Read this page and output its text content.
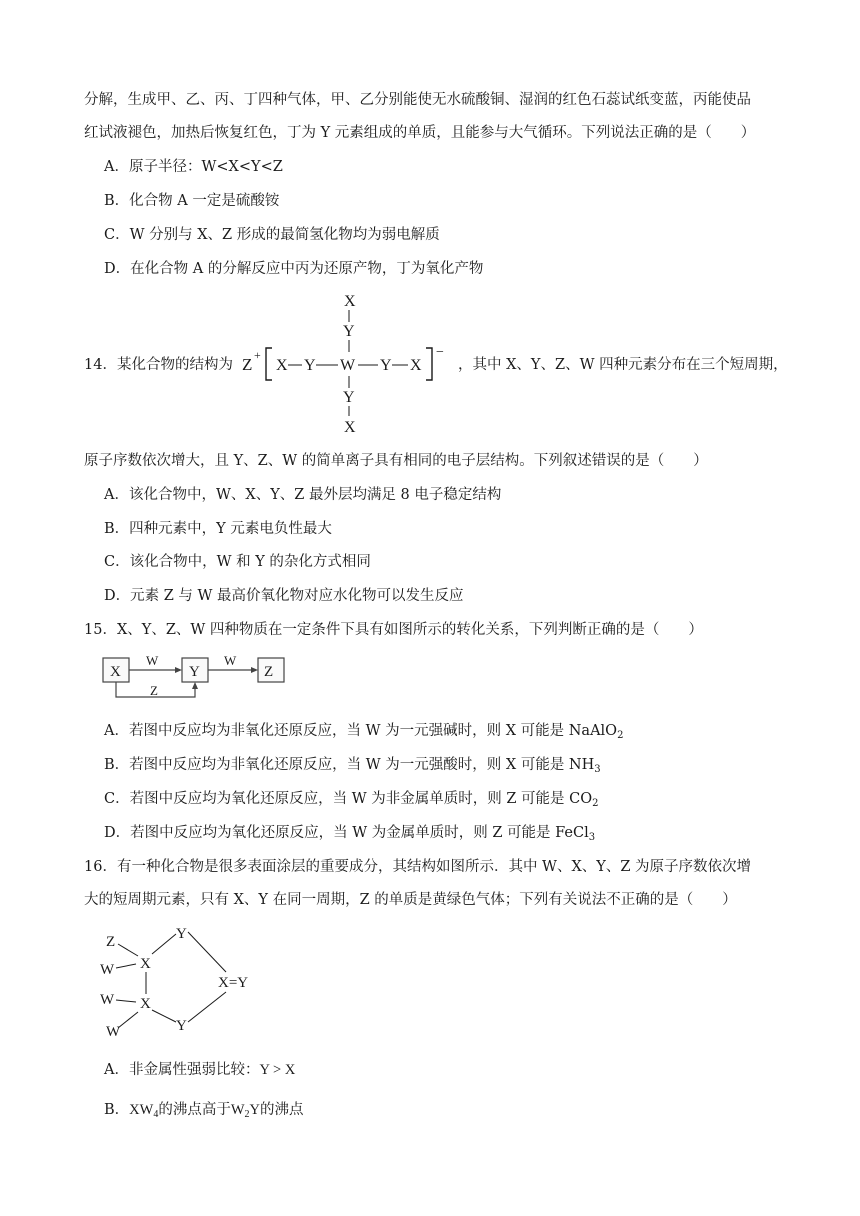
分解，生成甲、乙、丙、丁四种气体，甲、乙分别能使无水硫酸铜、湿润的红色石蕊试纸变蓝，丙能使品
红试液褪色，加热后恢复红色，丁为 Y 元素组成的单质，且能参与大气循环。下列说法正确的是（　　）
A．原子半径：W<X<Y<Z
B．化合物 A 一定是硫酸铵
C．W 分别与 X、Z 形成的最简氢化物均为弱电解质
D．在化合物 A 的分解反应中丙为还原产物，丁为氧化产物
14．某化合物的结构为
X
Y
Z +
X Y W Y X
−
Y
X
，其中 X、Y、Z、W 四种元素分布在三个短周期，
原子序数依次增大，且 Y、Z、W 的简单离子具有相同的电子层结构。下列叙述错误的是（　　）
A．该化合物中，W、X、Y、Z 最外层均满足 8 电子稳定结构
B．四种元素中，Y 元素电负性最大
C．该化合物中，W 和 Y 的杂化方式相同
D．元素 Z 与 W 最高价氧化物对应水化物可以发生反应
15．X、Y、Z、W 四种物质在一定条件下具有如图所示的转化关系，下列判断正确的是（　　）
X	Y	Z
W	W
Z
A．若图中反应均为非氧化还原反应，当 W 为一元强碱时，则 X 可能是 NaAlO$_2$
B．若图中反应均为非氧化还原反应，当 W 为一元强酸时，则 X 可能是 $NH_3$
C．若图中反应均为氧化还原反应，当 W 为非金属单质时，则 Z 可能是 $CO_2$
D．若图中反应均为氧化还原反应，当 W 为金属单质时，则 Z 可能是 FeCl$_3$
16．有一种化合物是很多表面涂层的重要成分，其结构如图所示．其中 W、X、Y、Z 为原子序数依次增
大的短周期元素，只有 X、Y 在同一周期，Z 的单质是黄绿色气体；下列有关说法不正确的是（　　）
Z	Y
W X
X=Y
W X
W	Y
A．非金属性强弱比较：Y > X
B．$XW_4$的沸点高于$W_2Y$的沸点
